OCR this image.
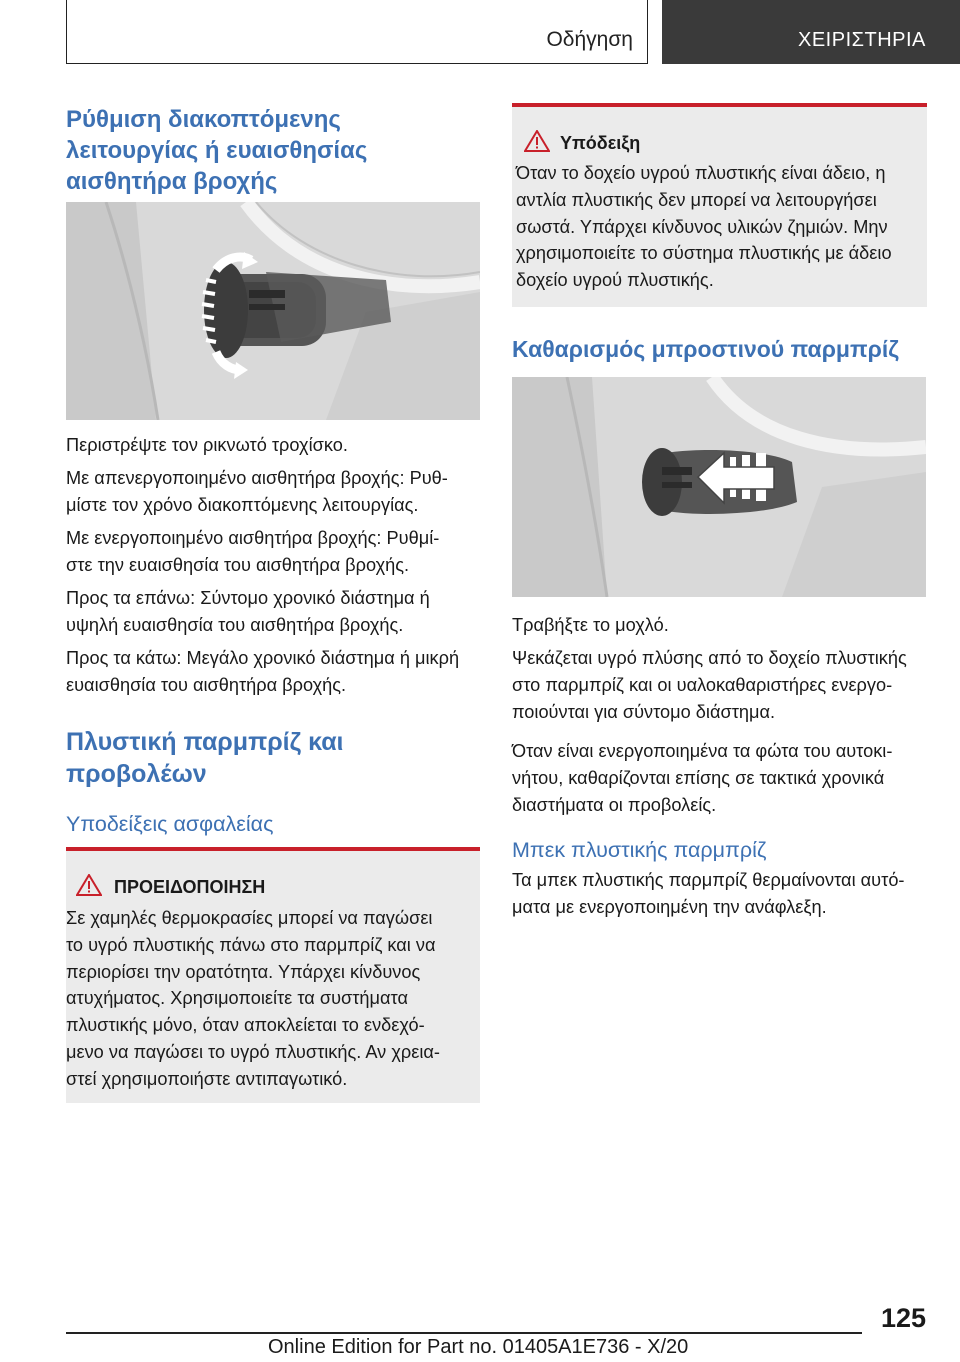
Οδήγηση	ΧΕΙΡΙΣΤΗΡΙΑ
Ρύθμιση διακοπτόμενης
λειτουργίας ή ευαισθησίας
αισθητήρα βροχής
Περιστρέψτε τον ρικνωτό τροχίσκο.
Με απενεργοποιημένο αισθητήρα βροχής: Ρυθ-
μίστε τον χρόνο διακοπτόμενης λειτουργίας.
Με ενεργοποιημένο αισθητήρα βροχής: Ρυθμί-
στε την ευαισθησία του αισθητήρα βροχής.
Προς τα επάνω: Σύντομο χρονικό διάστημα ή
υψηλή ευαισθησία του αισθητήρα βροχής.
Προς τα κάτω: Μεγάλο χρονικό διάστημα ή μικρή
ευαισθησία του αισθητήρα βροχής.
Πλυστική παρμπρίζ και
προβολέων
Υποδείξεις ασφαλείας
ΠΡΟΕΙΔΟΠΟΙΗΣΗ
Σε χαμηλές θερμοκρασίες μπορεί να παγώσει
το υγρό πλυστικής πάνω στο παρμπρίζ και να
περιορίσει την ορατότητα. Υπάρχει κίνδυνος
ατυχήματος. Χρησιμοποιείτε τα συστήματα
πλυστικής μόνο, όταν αποκλείεται το ενδεχό-
μενο να παγώσει το υγρό πλυστικής. Αν χρεια-
στεί χρησιμοποιήστε αντιπαγωτικό.
Υπόδειξη
Όταν το δοχείο υγρού πλυστικής είναι άδειο, η
αντλία πλυστικής δεν μπορεί να λειτουργήσει
σωστά. Υπάρχει κίνδυνος υλικών ζημιών. Μην
χρησιμοποιείτε το σύστημα πλυστικής με άδειο
δοχείο υγρού πλυστικής.
Καθαρισμός μπροστινού παρμπρίζ
Τραβήξτε το μοχλό.
Ψεκάζεται υγρό πλύσης από το δοχείο πλυστικής
στο παρμπρίζ και οι υαλοκαθαριστήρες ενεργο-
ποιούνται για σύντομο διάστημα.
Όταν είναι ενεργοποιημένα τα φώτα του αυτοκι-
νήτου, καθαρίζονται επίσης σε τακτικά χρονικά
διαστήματα οι προβολείς.
Μπεκ πλυστικής παρμπρίζ
Τα μπεκ πλυστικής παρμπρίζ θερμαίνονται αυτό-
ματα με ενεργοποιημένη την ανάφλεξη.
125
Online Edition for Part no. 01405A1E736 - X/20
